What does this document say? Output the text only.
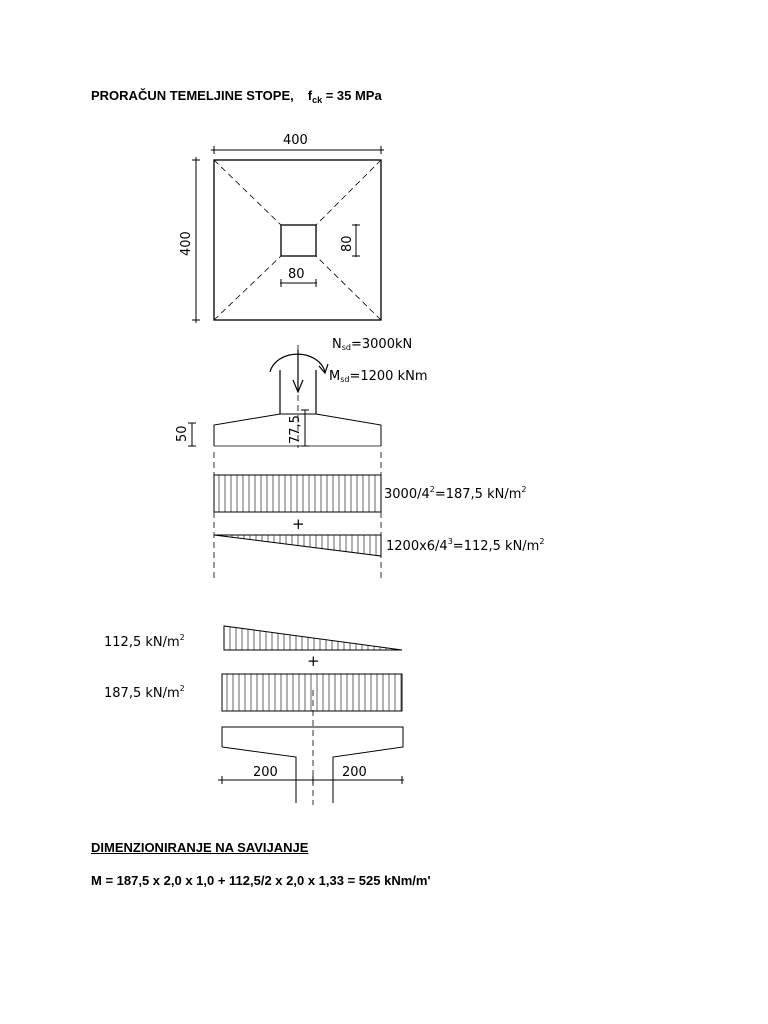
PRORAČUN TEMELJINE STOPE, $f_{ck} = 35$ MPa
400
400
80
80
Nsd=3000kN
Msd=1200 kNm
50	77,5
$3000/4^2=187,5$ $kN/m^2$
+
$1200x6/4^3=112,5$ $kN/m^2$
112,5 $kN/m^2$
+
187,5 $kN/m^2$
200	200
DIMENZIONIRANJE NA SAVIJANJE
M = 187,5 x 2,0 x 1,0 + 112,5/2 x 2,0 x 1,33 = 525 kNm/m'
